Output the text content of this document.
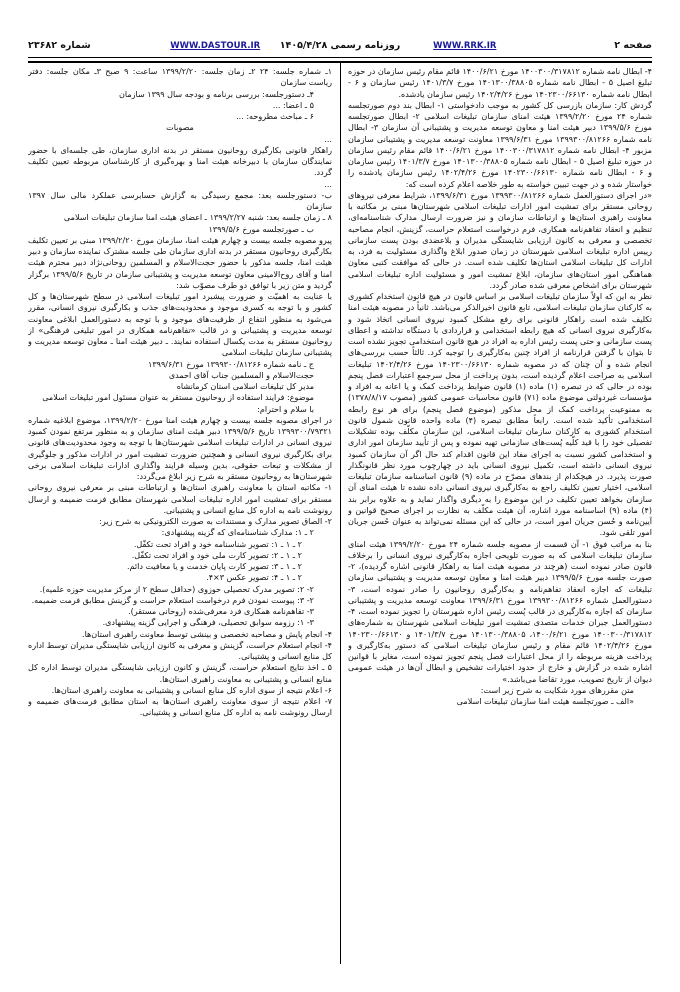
صفحه ۲
WWW.RRK.IR
روزنامه رسمی ۱۴۰۵/۴/۲۸
WWW.DASTOUR.IR
شماره ۲۳۶۸۲

۴- ابطال نامه شماره ۱۴۰۰۳۰۰/۳۱۷۸۱۲ مورخ ۱۴۰۰/۶/۲۱ قائم مقام رئیس سازمان در حوزه تبلیغ اصیل ۵ - ابطال نامه شماره ۱۴۰۱۳۰۰/۳۸۸۰۵ مورخ ۱۴۰۱/۳/۷ رئیس سازمان و ۶ - ابطال نامه شماره ۱۴۰۲۳۰۰/۶۶۱۳۰ مورخ ۱۴۰۲/۴/۲۶ رئیس سازمان یادشده.

گردش کار: سازمان بازرسی کل کشور به موجب دادخواستی ۱- ابطال بند دوم صورتجلسه شماره ۲۴ مورخ ۱۳۹۹/۲/۲۰ هیئت امنای سازمان تبلیغات اسلامی ۲- ابطال صورتجلسه مورخ ۱۳۹۹/۵/۶ دبیر هیئت امنا و معاون توسعه مدیریت و پشتیبانی آن سازمان ۳- ابطال نامه شماره ۱۳۹۹۳۰۰/۸۱۲۶۶ مورخ ۱۳۹۹/۶/۳۱ معاونت توسعه مدیریت و پشتیبانی سازمان مزبور ۴- ابطال نامه شماره ۱۴۰۰۳۰۰/۳۱۷۸۱۲ مورخ ۱۴۰۰/۶/۲۱ قائم مقام رئیس سازمان در حوزه تبلیغ اصیل ۵ - ابطال نامه شماره ۱۴۰۱۳۰۰/۳۸۸۰۵ مورخ ۱۴۰۱/۳/۷ رئیس سازمان و ۶ - ابطال نامه شماره ۱۴۰۲۳۰۰/۶۶۱۳۰ مورخ ۱۴۰۲/۴/۲۶ رئیس سازمان یادشده را خواستار شده و در جهت تبیین خواسته به طور خلاصه اعلام کرده است که:

«در اجرای دستورالعمل شماره ۱۳۹۹۳۰۰/۸۱۲۶۶ مورخ ۱۳۹۹/۶/۳۱، شرایط معرفی نیروهای روحانی مستقر برای تمشیت امور ادارات تبلیغات اسلامی شهرستان‌ها مبنی بر مکاتبه با معاونت راهبری استان‌ها و ارتباطات سازمان و نیز ضرورت ارسال مدارک شناسنامه‌ای، تنظیم و انعقاد تفاهم‌نامه همکاری، فرم درخواست استعلام حراست، گزینش، انجام مصاحبه تخصصی و معرفی به کانون ارزیابی شایستگی مدیران و بلاعضدی بودن پست سازمانی رییس اداره تبلیغات اسلامی شهرستان در زمان صدور ابلاغ واگذاری مسئولیت به فرد، به ادارات کل تبلیغات اسلامی استان‌ها تکلیف شده است. در حالی که موافقت کتبی معاون هماهنگی امور استان‌های سازمان، ابلاغ تمشیت امور و مسئولیت اداره تبلیغات اسلامی شهرستان برای اشخاص معرفی شده صادر گردد.

نظر به این که اولاً سازمان تبلیغات اسلامی بر اساس قانون در هیچ قانون استخدام کشوری به کارکنان سازمان تبلیغات اسلامی، تابع قانون اخیرالذکر می‌باشد. ثانیاً در مصوبه هیئت امنا تکلیف شده است راهکار قانونی برای رفع مشکل کمبود نیروی انسانی اتخاذ شود و به‌کارگیری نیروی انسانی که هیچ رابطه استخدامی و قراردادی با دستگاه نداشته و اعطای پست سازمانی و حتی پست رئیس اداره به افراد در هیچ قانون استخدامی تجویز نشده است تا بتوان با گرفتن قرارنامه از افراد چنین به‌کارگیری را توجیه کرد. ثالثاً حسب بررسی‌های انجام شده و آن چنان که در مصوبه شماره ۱۴۰۲۳۰۰/۶۶۱۳۰ مورخ ۱۴۰۲/۴/۲۶ تبلیغات اسلامی به صراحت اعلام گردیده است، بدون پرداخت از محل سرجمع اعتبارات فصل پنجم بوده در حالی که در تبصره (۱) ماده (۱) قانون ضوابط پرداخت کمک و یا اعانه به افراد و مؤسسات غیردولتی موضوع ماده (۷۱) قانون محاسبات عمومی کشور (مصوب ۱۳۷۸/۸/۱۷) به ممنوعیت پرداخت کمک از محل مذکور (موضوع فصل پنجم) برای هر نوع رابطه استخدامی تأکید شده است. رابعاً مطابق تبصره (۴) ماده واحده قانون شمول قانون استخدام کشوری به کارکنان سازمان تبلیغات اسلامی، این سازمان مکلّف بوده تشکیلات تفصیلی خود را با قید کلّیه پُست‌های سازمانی تهیه نموده و پس از تأیید سازمان امور اداری و استخدامی کشور نسبت به اجرای مفاد این قانون اقدام کند حال اگر آن سازمان کمبود نیروی انسانی داشته است، تکمیل نیروی انسانی باید در چهارچوب مورد نظر قانونگذار صورت پذیرد. در هیچکدام از بندهای مصرّح در ماده (۹) قانون اساسنامه سازمان تبلیغات اسلامی، اختیار تعیین تکلیف راجع به به‌کارگیری نیروی انسانی داده نشده تا هیئت امنای آن سازمان بخواهد تعیین تکلیف در این موضوع را به دیگری واگذار نماید و به علاوه برابر بند (۴) ماده (۹) اساسنامه مورد اشاره، آن هیئت مکلّف به نظارت بر اجرای صحیح قوانین و آیین‌نامه و حُسن جریان امور است، در حالی که این مسئله نمی‌تواند به عنوان حُسن جریان امور تلقی شود.

بنا به مراتب فوق ۱- آن قسمت از مصوبه جلسه شماره ۲۴ مورخ ۱۳۹۹/۲/۲۰ هیئت امنای سازمان تبلیغات اسلامی که به صورت تلویحی اجازه به‌کارگیری نیروی انسانی را برخلاف قانون صادر نموده است (هرچند در مصوبه هیئت امنا به راهکار قانونی اشاره گردیده)، ۲- صورت جلسه مورخ ۱۳۹۹/۵/۶ دبیر هیئت امنا و معاون توسعه مدیریت و پشتیبانی سازمان تبلیغات که اجازه انعقاد تفاهم‌نامه و به‌کارگیری روحانیون را صادر نموده است، ۳- دستورالعمل شماره ۱۳۹۹۳۰۰/۸۱۲۶۶ مورخ ۱۳۹۹/۶/۳۱ معاونت توسعه مدیریت و پشتیبانی سازمان که اجازه به‌کارگیری در قالب پُست رئیس اداره شهرستان را تجویز نموده است، ۴- دستورالعمل جبران خدمات متصدی تمشیت امور تبلیغات اسلامی شهرستان به شماره‌های ۱۴۰۰۳۰۰/۳۱۷۸۱۲ مورخ ۱۴۰۰/۶/۲۱، ۱۴۰۱۳۰۰/۳۸۸۰۵ مورخ ۱۴۰۱/۳/۷ و ۱۴۰۲۳۰۰/۶۶۱۳۰ مورخ ۱۴۰۲/۴/۲۶ قائم مقام و رئیس سازمان تبلیغات اسلامی که دستور به‌کارگیری و پرداخت هزینه مربوطه را از محل اعتبارات فصل پنجم تجویز نموده است، مغایر با قوانین اشاره شده در گزارش و خارج از حدود اختیارات تشخیص و ابطال آن‌ها در هیئت عمومی دیوان از تاریخ تصویب، مورد تقاضا می‌باشد.»

متن مقررهای مورد شکایت به شرح زیر است:

«الف ـ صورتجلسه هیئت امنا سازمان تبلیغات اسلامی

۱ـ شماره جلسه: ۲۴ ۲ـ زمان جلسه: ۱۳۹۹/۲/۲۰ ساعت: ۹ صبح ۳ـ مکان جلسه: دفتر ریاست سازمان

۴ـ دستورجلسه: بررسی برنامه و بودجه سال ۱۳۹۹ سازمان

۵ ـ اعضا: ...

۶ ـ مباحث مطروحه: ...

مصوبات

...

راهکار قانونی بکارگیری روحانیون مستقر در بدنه اداری سازمان، طی جلسه‌ای با حضور نمایندگان سازمان با دبیرخانه هیئت امنا و بهره‌گیری از کارشناسان مربوطه تعیین تکلیف گردد.

...

ب- دستورجلسه بعد: مجمع رسیدگی به گزارش حسابرسی عملکرد مالی سال ۱۳۹۷ سازمان

۸ ـ زمان جلسه بعد: شنبه ۱۳۹۹/۲/۲۷ ـ اعضای هیئت امنا سازمان تبلیغات اسلامی

ب ـ صورتجلسه مورخ ۱۳۹۹/۵/۶

پیرو مصوبه جلسه بیست و چهارم هیئت امنا، سازمان مورخ ۱۳۹۹/۲/۲۰ مبنی بر تعیین تکلیف بکارگیری روحانیون مستقر در بدنه اداری سازمان طی جلسه مشترک نماینده سازمان و دبیر هیئت امنا، جلسه مذکور با حضور حجت‌الاسلام و المسلمین روحانی‌نژاد دبیر محترم هیئت امنا و آقای روح‌الامینی معاون توسعه مدیریت و پشتیبانی سازمان در تاریخ ۱۳۹۹/۵/۶ برگزار گردید و متن زیر با توافق دو طرف مصوّب شد:

با عنایت به اهمیّت و ضرورت پیشبرد امور تبلیغات اسلامی در سطح شهرستان‌ها و کل کشور و با توجه به کسری موجود و محدودیت‌های جذب و بکارگیری نیروی انسانی، مقرر می‌شود به منظور انتفاع از ظرفیت‌های موجود و با توجه به دستورالعمل ابلاغی معاونت توسعه مدیریت و پشتیبانی و در قالب «تفاهم‌نامه همکاری در امور تبلیغی فرهنگی» از روحانیون مستقر به مدت یکسال استفاده نمایند. ـ دبیر هیئت امنا ـ معاون توسعه مدیریت و پشتیبانی سازمان تبلیغات اسلامی

ج ـ نامه شماره ۱۳۹۹۳۰۰/۸۱۲۶۶ مورخ ۱۳۹۹/۶/۳۱

حجت‌الاسلام و المسلمین جناب آقای احمدی

مدیر کل تبلیغات اسلامی استان کرمانشاه

موضوع: فرایند استفاده از روحانیون مستقر به عنوان مسئول امور تبلیغات اسلامی

با سلام و احترام:

در اجرای مصوبه جلسه بیست و چهارم هیئت امنا مورخ ۱۳۹۹/۲/۲۰، موضوع ابلاغیه شماره ۱۳۹۹۳۰۰/۷۹۳۲۱ تاریخ ۱۳۹۹/۵/۶ دبیر هیئت امنای سازمان و به منظور مرتفع نمودن کمبود نیروی انسانی در ادارات تبلیغات اسلامی شهرستان‌ها با توجه به وجود محدودیت‌های قانونی برای بکارگیری نیروی انسانی و همچنین ضرورت تمشیت امور در ادارات مذکور و جلوگیری از مشکلات و تبعات حقوقی، بدین وسیله فرایند واگذاری ادارات تبلیغات اسلامی برخی شهرستان‌ها به روحانیون مستقر به شرح زیر ابلاغ می‌گردد:

۱- مکاتبه استان با معاونت راهبری استان‌ها و ارتباطات مبنی بر معرفی نیروی روحانی مستقر برای تمشیت امور اداره تبلیغات اسلامی شهرستان مطابق فرمت ضمیمه و ارسال رونوشت نامه به اداره کل منابع انسانی و پشتیبانی.

۲- الصاق تصویر مدارک و مستندات به صورت الکترونیکی به شرح زیر:

۲ ـ ۱: مدارک شناسنامه‌ای که گزینه پیشنهادی:

۲ ـ ۱ ـ ۱: تصویر شناسنامه خود و افراد تحت تکفّل.

۲ ـ ۱ ـ ۲: تصویر کارت ملی خود و افراد تحت تکفّل.

۲ ـ ۱ ـ ۳: تصویر کارت پایان خدمت و یا معافیت دائم.

۲ ـ ۱ ـ ۴: تصویر عکس ۳×۴.

۲- ۲: تصویر مدرک تحصیلی حوزوی (حداقل سطح ۲ از مرکز مدیریت حوزه علمیه).

۲- ۳: پیوست نمودن فرم درخواست استعلام حراست و گزینش مطابق فرمت ضمیمه.

۳- تفاهم‌نامه همکاری فرد معرفی‌شده (روحانی مستقر).

۳- ۱: رزومه سوابق تحصیلی، فرهنگی و اجرایی گزینه پیشنهادی.

۴- انجام پایش و مصاحبه تخصصی و بینشی توسط معاونت راهبری استان‌ها.

۴- انجام استعلام حراست، گزینش و معرفی به کانون ارزیابی شایستگی مدیران توسط اداره کل منابع انسانی و پشتیبانی.

۵ ـ اخذ نتایج استعلام حراست، گزینش و کانون ارزیابی شایستگی مدیران توسط اداره کل منابع انسانی و پشتیبانی به معاونت راهبری استان‌ها.

۶- اعلام نتیجه از سوی اداره کل منابع انسانی و پشتیبانی به معاونت راهبری استان‌ها.

۷- اعلام نتیجه از سوی معاونت راهبری استان‌ها به استان مطابق فرمت‌های ضمیمه و ارسال رونوشت نامه به اداره کل منابع انسانی و پشتیبانی.
